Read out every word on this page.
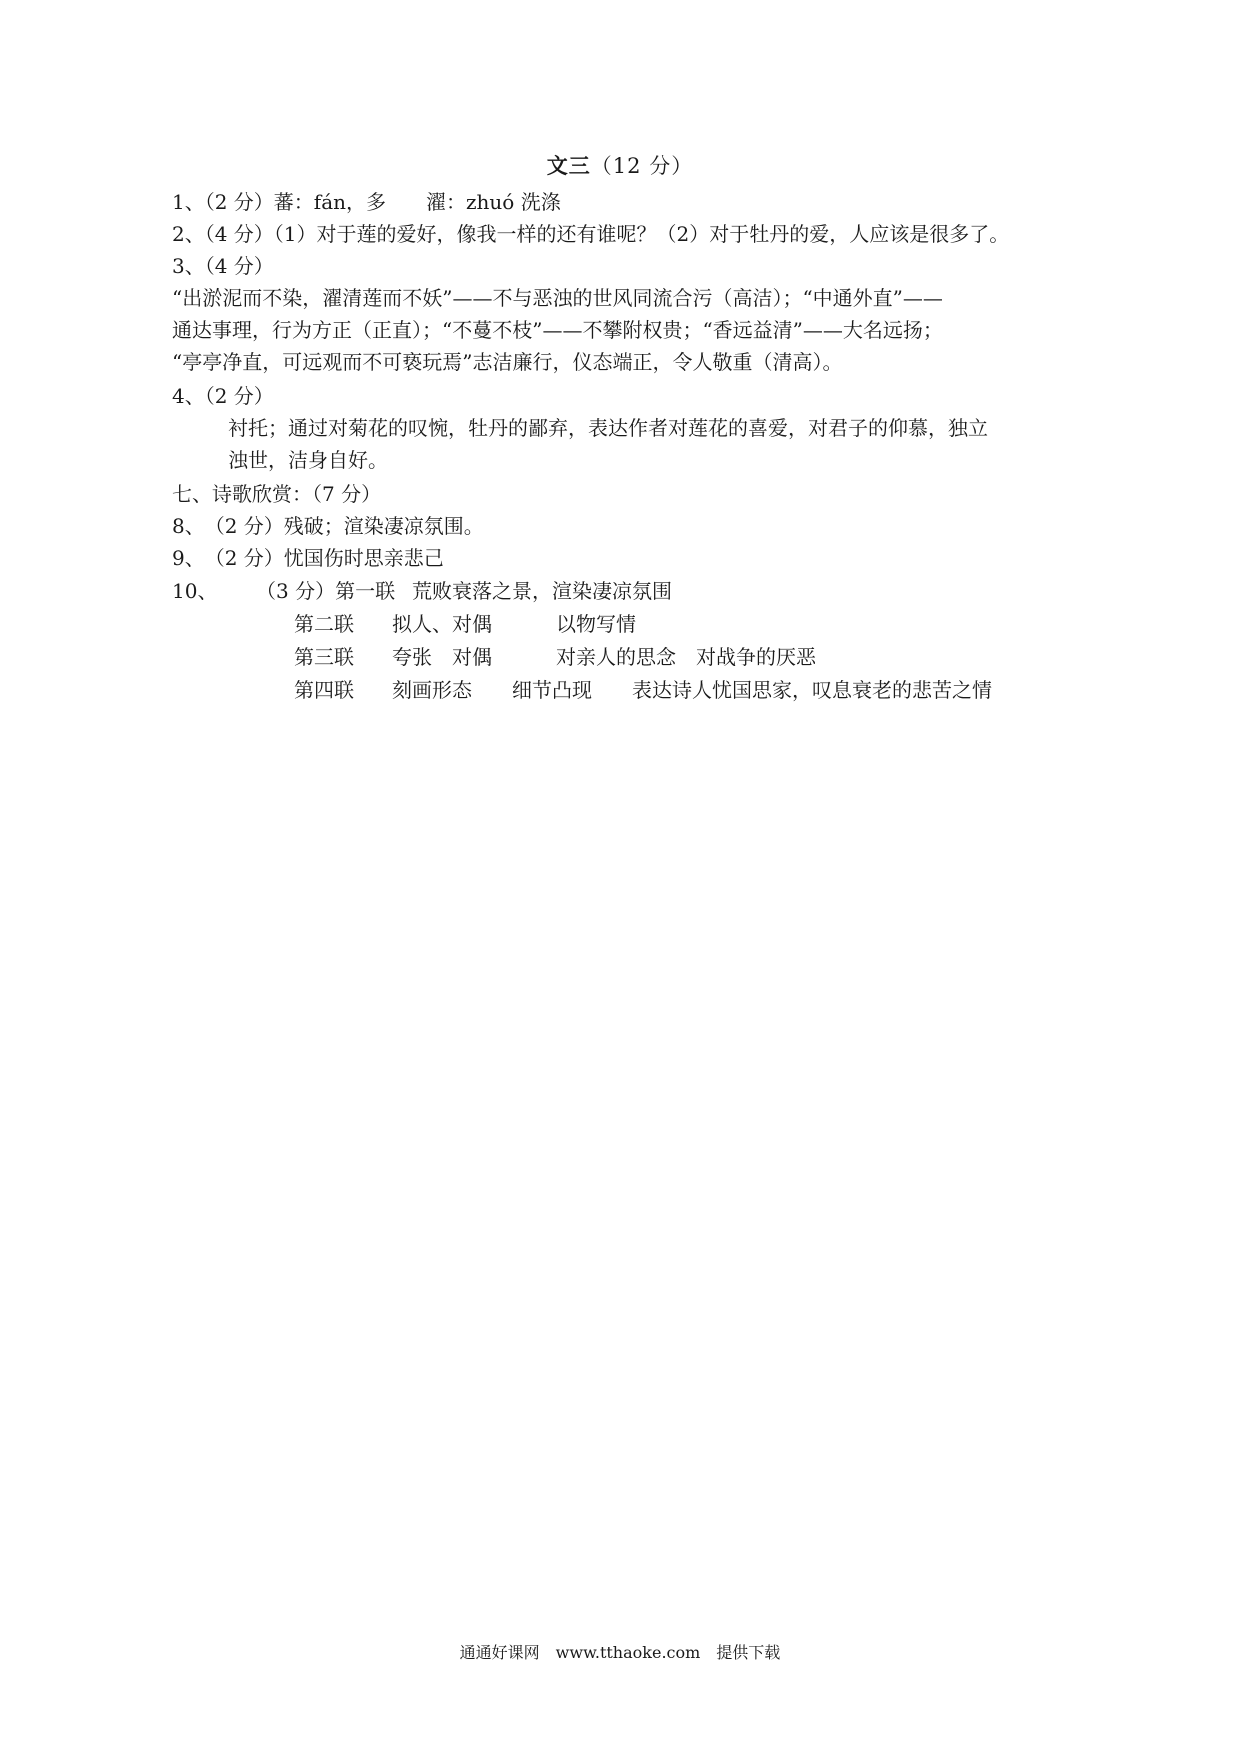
文三（12 分）
1、（2 分）蕃：fán，多　　濯：zhuó 洗涤
2、（4 分）（1）对于莲的爱好，像我一样的还有谁呢？（2）对于牡丹的爱，人应该是很多了。
3、（4 分）
“出淤泥而不染，濯清莲而不妖”——不与恶浊的世风同流合污（高洁）；“中通外直”——
通达事理，行为方正（正直）；“不蔓不枝”——不攀附权贵；“香远益清”——大名远扬；
“亭亭净直，可远观而不可亵玩焉”志洁廉行，仪态端正，令人敬重（清高）。
4、（2 分）
衬托；通过对菊花的叹惋，牡丹的鄙弃，表达作者对莲花的喜爱，对君子的仰慕，独立
浊世，洁身自好。
七、诗歌欣赏：（7 分）
8、　（2 分）残破；渲染凄凉氛围。
9、　（2 分）忧国伤时思亲悲己
10、 （3 分）第一联 荒败衰落之景，渲染凄凉氛围
第二联 拟人、对偶	以物写情
第三联 夸张　对偶	对亲人的思念　对战争的厌恶
第四联 刻画形态　　细节凸现 表达诗人忧国思家，叹息衰老的悲苦之情
通通好课网　www.tthaoke.com　提供下载
